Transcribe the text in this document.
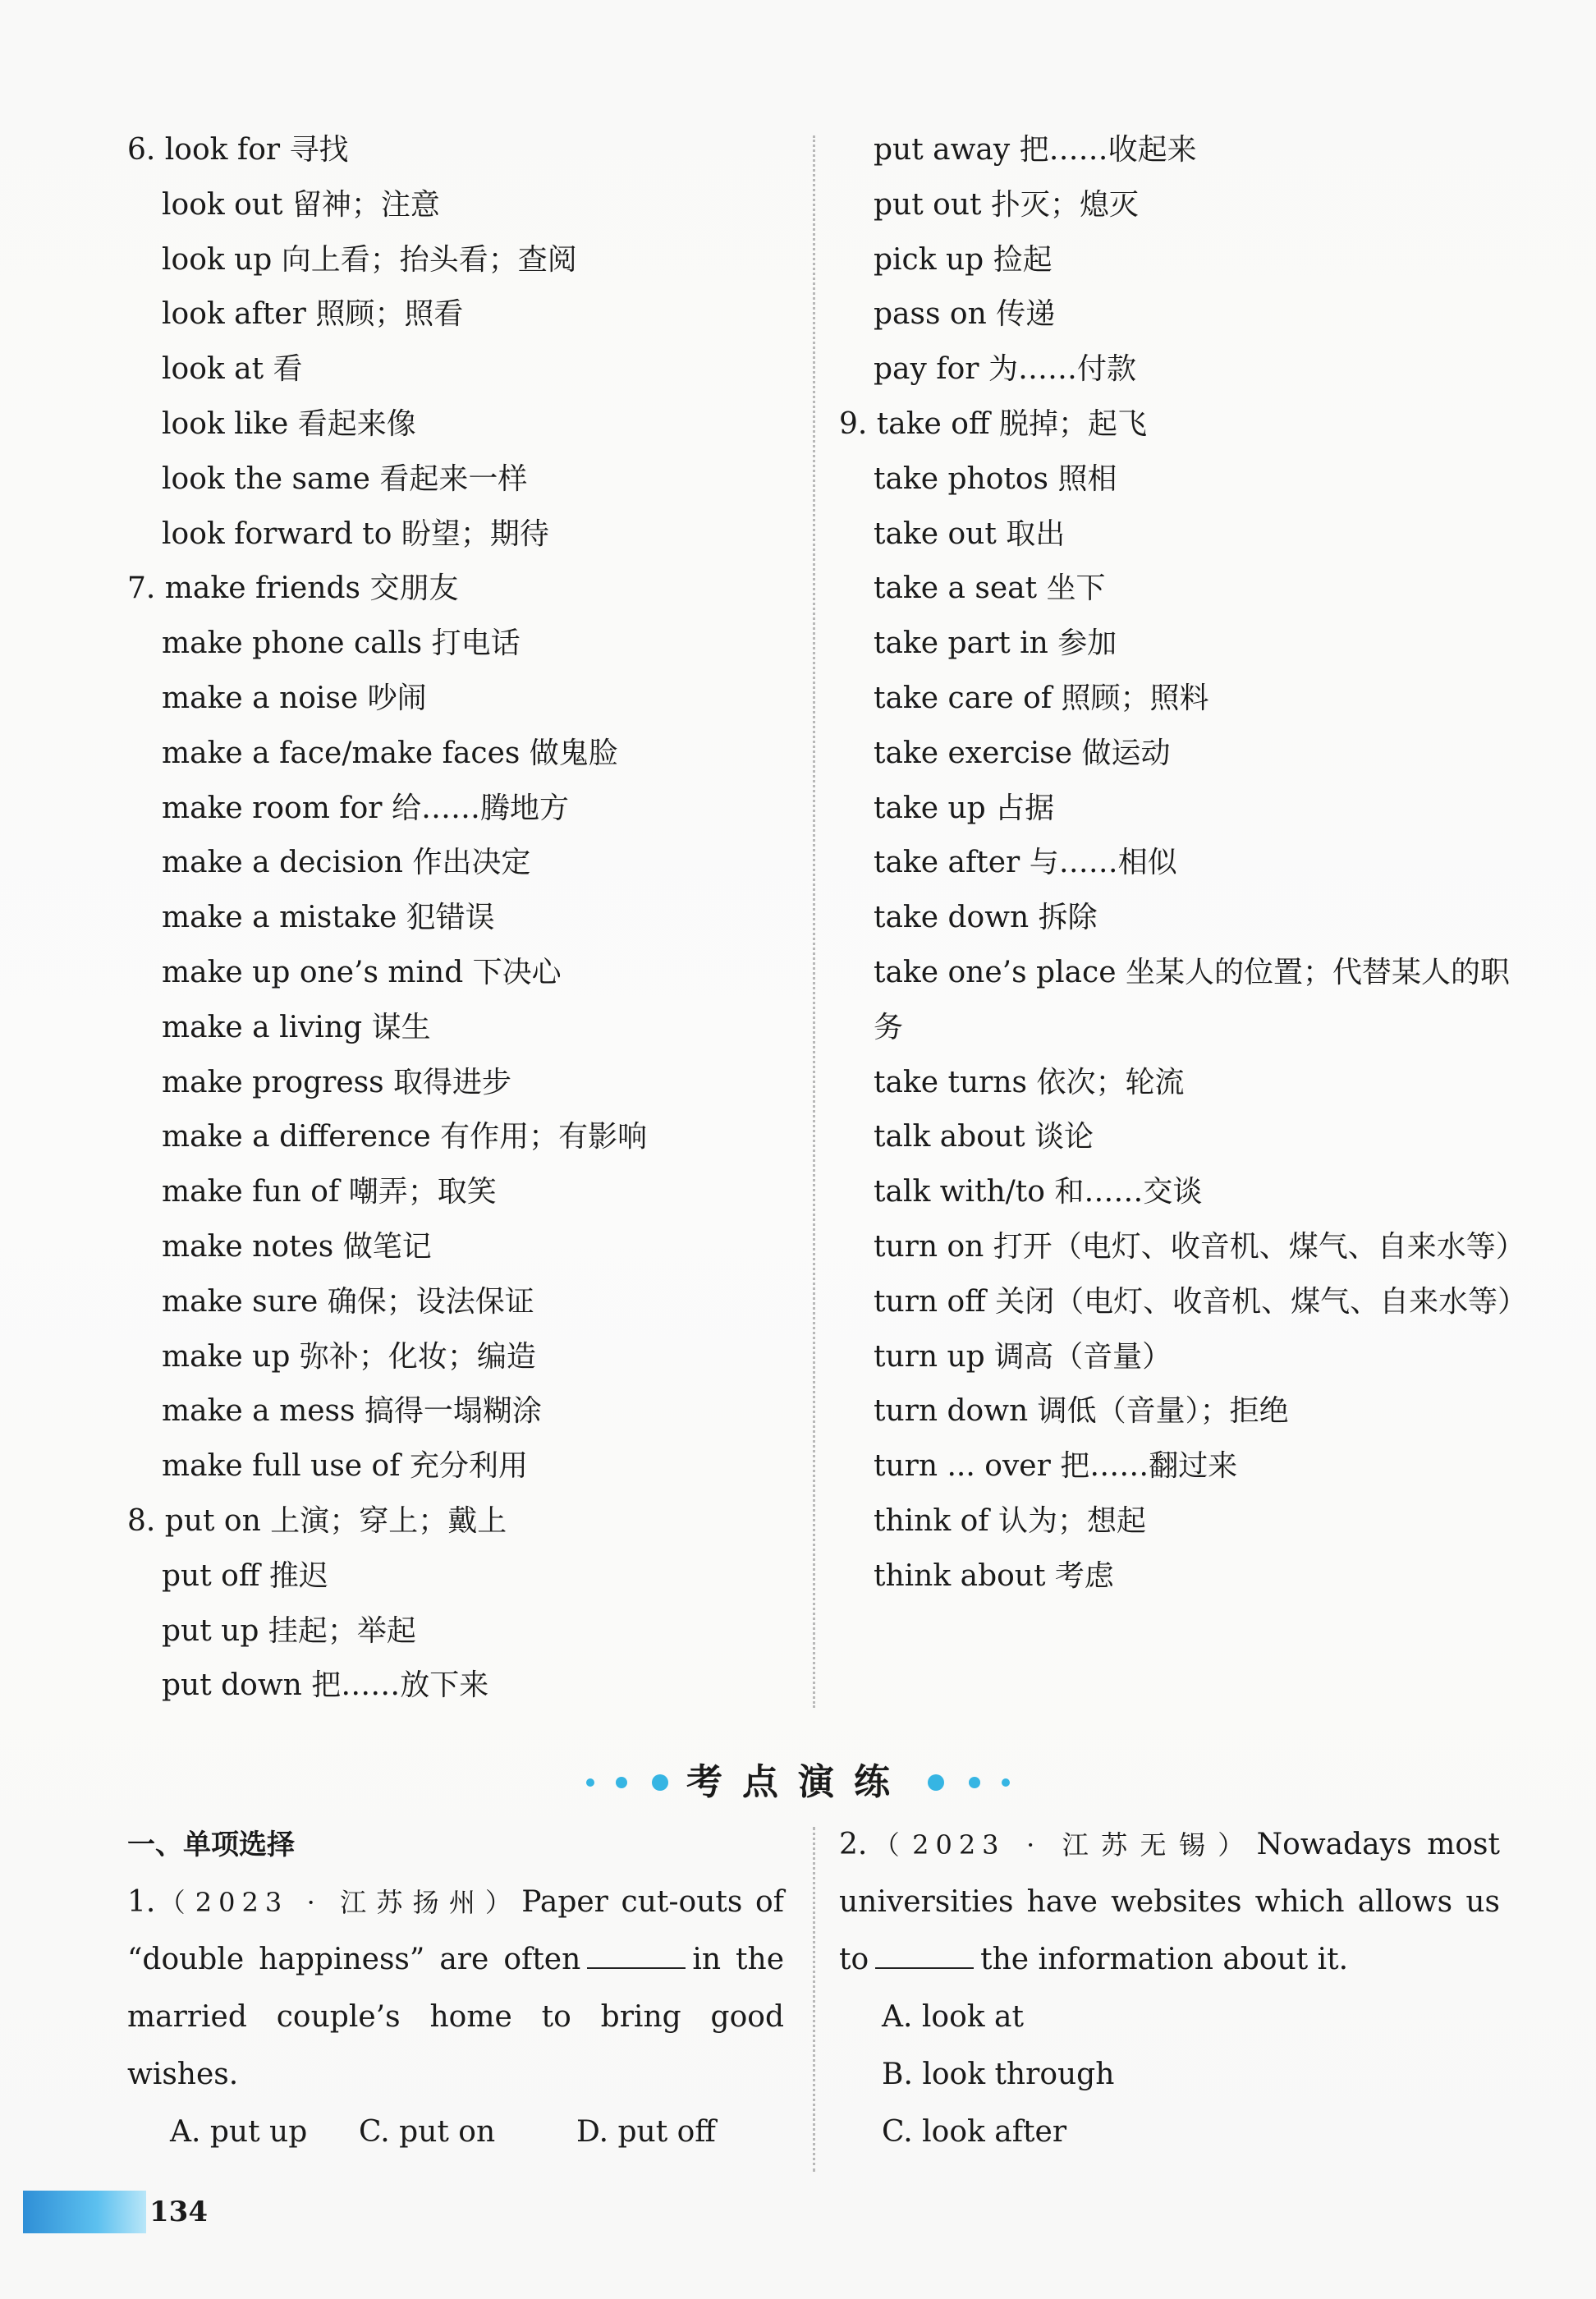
6. look for 寻找
look out 留神；注意
look up 向上看；抬头看；查阅
look after 照顾；照看
look at 看
look like 看起来像
look the same 看起来一样
look forward to 盼望；期待
7. make friends 交朋友
make phone calls 打电话
make a noise 吵闹
make a face/make faces 做鬼脸
make room for 给……腾地方
make a decision 作出决定
make a mistake 犯错误
make up one’s mind 下决心
make a living 谋生
make progress 取得进步
make a difference 有作用；有影响
make fun of 嘲弄；取笑
make notes 做笔记
make sure 确保；设法保证
make up 弥补；化妆；编造
make a mess 搞得一塌糊涂
make full use of 充分利用
8. put on 上演；穿上；戴上
put off 推迟
put up 挂起；举起
put down 把……放下来
put away 把……收起来
put out 扑灭；熄灭
pick up 捡起
pass on 传递
pay for 为……付款
9. take off 脱掉；起飞
take photos 照相
take out 取出
take a seat 坐下
take part in 参加
take care of 照顾；照料
take exercise 做运动
take up 占据
take after 与……相似
take down 拆除
take one’s place 坐某人的位置；代替某人的职务
take turns 依次；轮流
talk about 谈论
talk with/to 和……交谈
turn on 打开（电灯、收音机、煤气、自来水等）
turn off 关闭（电灯、收音机、煤气、自来水等）
turn up 调高（音量）
turn down 调低（音量）；拒绝
turn ... over 把……翻过来
think of 认为；想起
think about 考虑
考点演练
一、单项选择
1.（2023 · 江苏扬州）Paper cut-outs of “double happiness” are often	in the married couple’s home to bring good wishes.
A. put up C. put on	D. put off
2.（2023 · 江苏无锡）Nowadays most universities have websites which allows us to	the information about it.
A. look at
B. look through
C. look after
134
